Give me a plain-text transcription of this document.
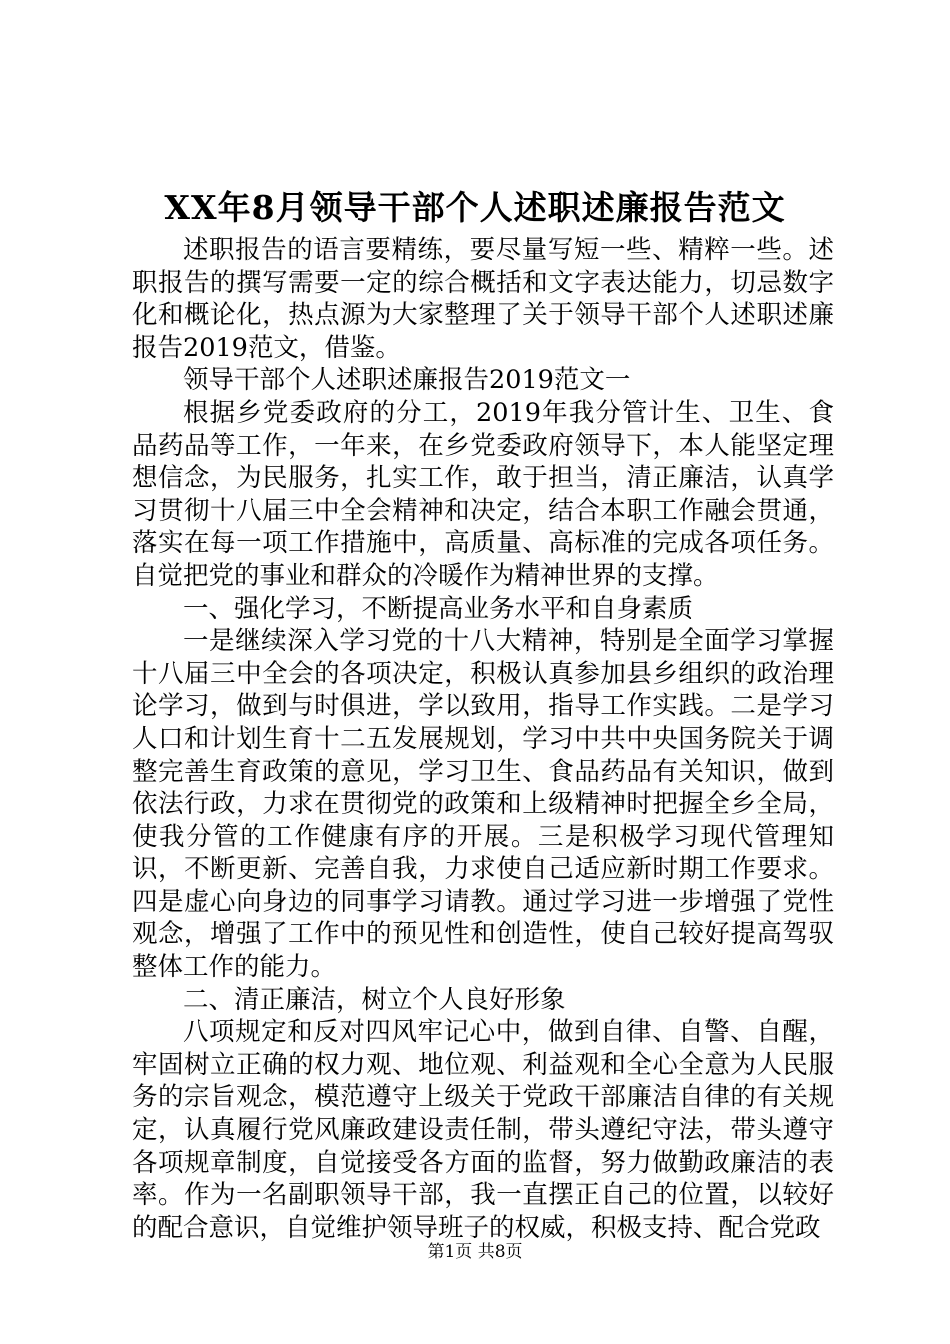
XX年8月领导干部个人述职述廉报告范文

述职报告的语言要精练，要尽量写短一些、精粹一些。述职报告的撰写需要一定的综合概括和文字表达能力，切忌数字化和概论化，热点源为大家整理了关于领导干部个人述职述廉报告2019范文，借鉴。

领导干部个人述职述廉报告2019范文一

根据乡党委政府的分工，2019年我分管计生、卫生、食品药品等工作，一年来，在乡党委政府领导下，本人能坚定理想信念，为民服务，扎实工作，敢于担当，清正廉洁，认真学习贯彻十八届三中全会精神和决定，结合本职工作融会贯通，落实在每一项工作措施中，高质量、高标准的完成各项任务。自觉把党的事业和群众的冷暖作为精神世界的支撑。

一、强化学习，不断提高业务水平和自身素质

一是继续深入学习党的十八大精神，特别是全面学习掌握十八届三中全会的各项决定，积极认真参加县乡组织的政治理论学习，做到与时俱进，学以致用，指导工作实践。二是学习人口和计划生育十二五发展规划，学习中共中央国务院关于调整完善生育政策的意见，学习卫生、食品药品有关知识，做到依法行政，力求在贯彻党的政策和上级精神时把握全乡全局，使我分管的工作健康有序的开展。三是积极学习现代管理知识，不断更新、完善自我，力求使自己适应新时期工作要求。四是虚心向身边的同事学习请教。通过学习进一步增强了党性观念，增强了工作中的预见性和创造性，使自己较好提高驾驭整体工作的能力。

二、清正廉洁，树立个人良好形象

八项规定和反对四风牢记心中，做到自律、自警、自醒，牢固树立正确的权力观、地位观、利益观和全心全意为人民服务的宗旨观念，模范遵守上级关于党政干部廉洁自律的有关规定，认真履行党风廉政建设责任制，带头遵纪守法，带头遵守各项规章制度，自觉接受各方面的监督，努力做勤政廉洁的表率。作为一名副职领导干部，我一直摆正自己的位置，以较好的配合意识，自觉维护领导班子的权威，积极支持、配合党政

第1页 共8页
